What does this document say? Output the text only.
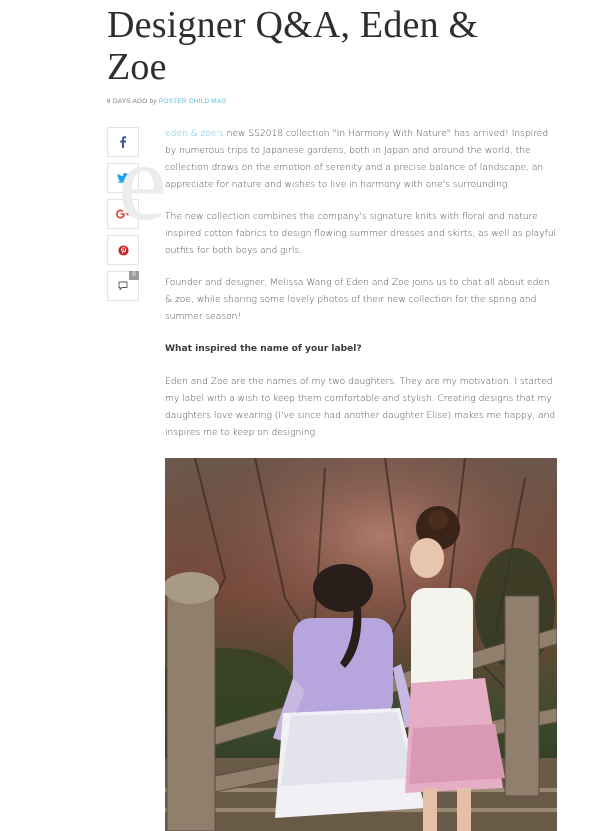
Designer Q&A, Eden & Zoe
6 DAYS AGO by POSTER CHILD MAG
0
e

eden & zoe's new SS2018 collection "In Harmony With Nature" has arrived! Inspired by numerous trips to Japanese gardens, both in Japan and around the world, the collection draws on the emotion of serenity and a precise balance of landscape, an appreciate for nature and wishes to live in harmony with one's surrounding.

The new collection combines the company's signature knits with floral and nature inspired cotton fabrics to design flowing summer dresses and skirts, as well as playful outfits for both boys and girls.

Founder and designer, Melissa Wang of Eden and Zoe joins us to chat all about eden & zoe, while sharing some lovely photos of their new collection for the spring and summer season!

What inspired the name of your label?

Eden and Zoe are the names of my two daughters. They are my motivation. I started my label with a wish to keep them comfortable and stylish. Creating designs that my daughters love wearing (I've since had another daughter Elise) makes me happy, and inspires me to keep on designing.
